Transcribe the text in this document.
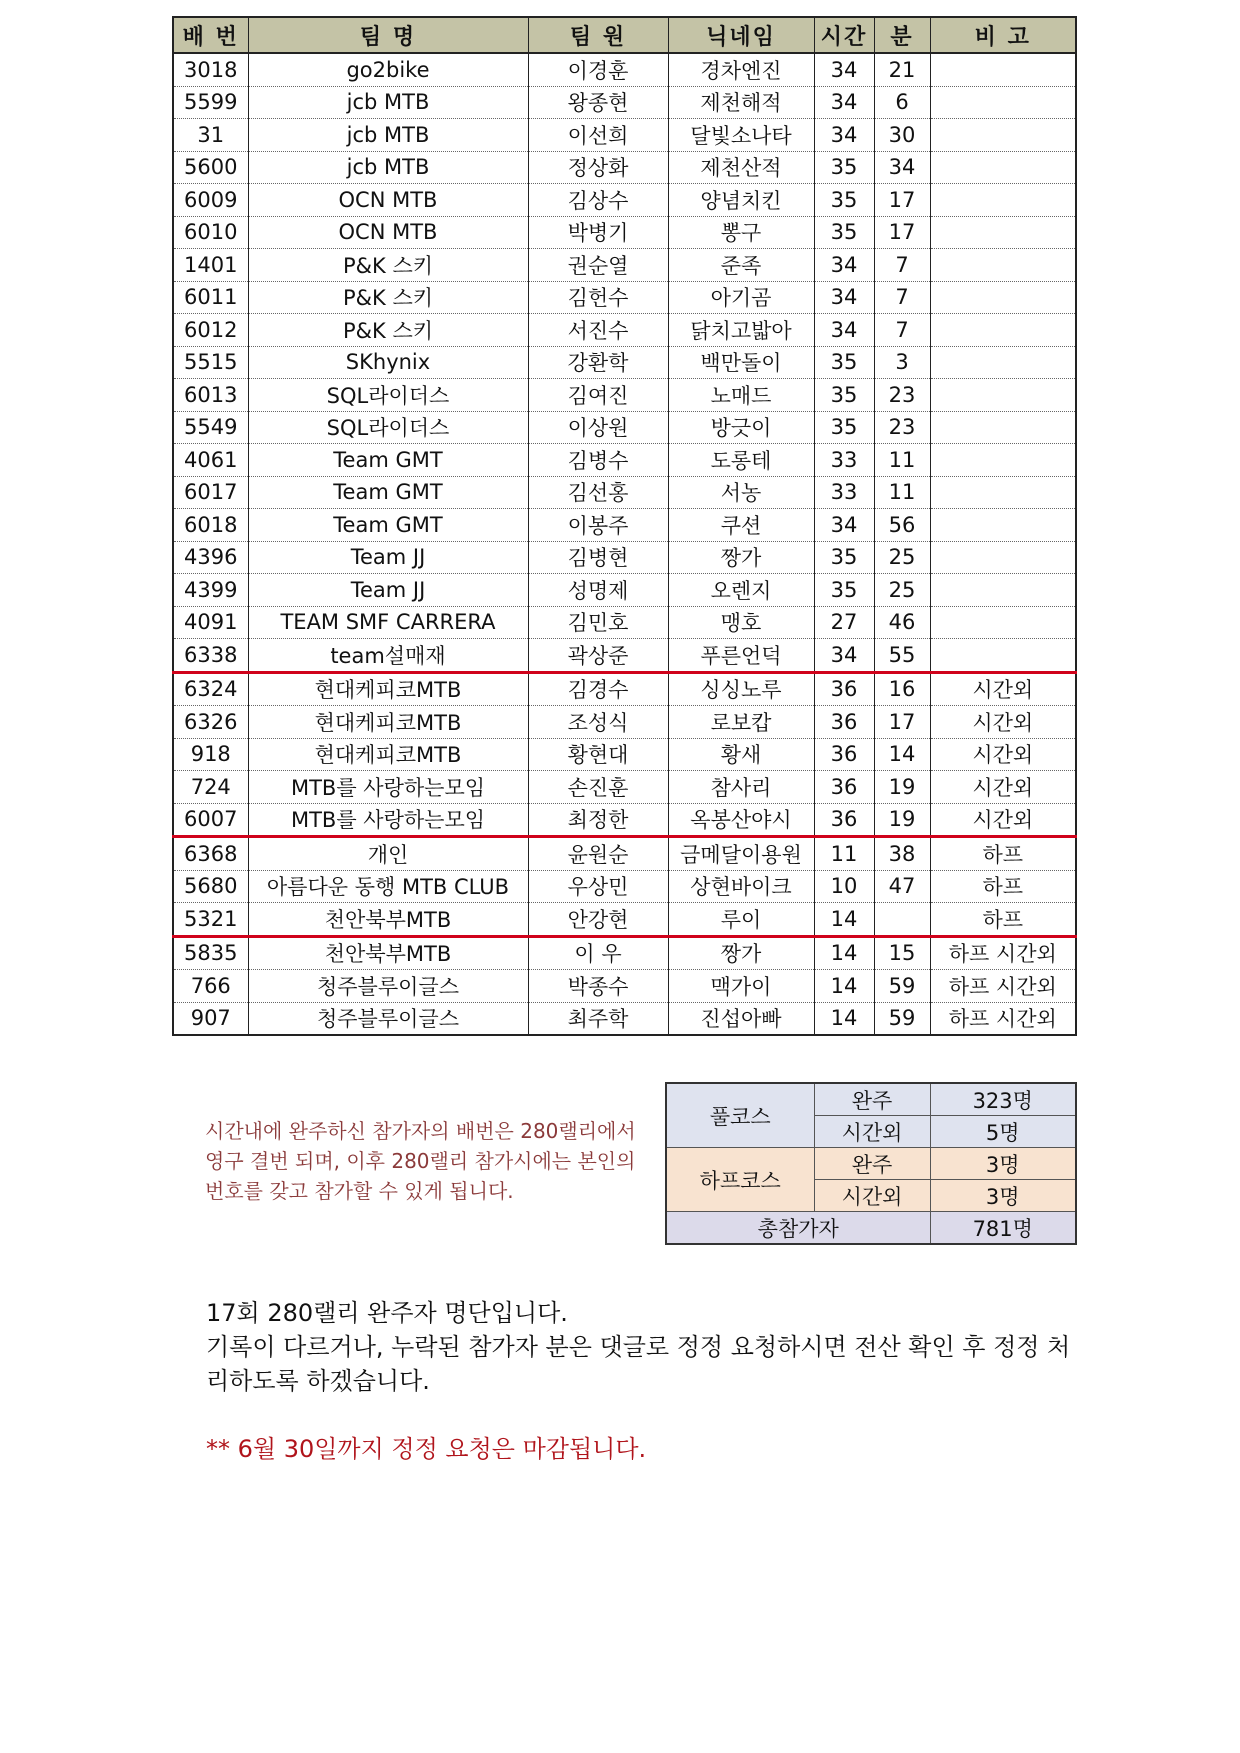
배 번	팀 명	팀 원	닉네임	시간	분	비 고
3018	go2bike	이경훈	경차엔진	34	21	
5599	jcb MTB	왕종현	제천해적	34	6	
31	jcb MTB	이선희	달빛소나타	34	30	
5600	jcb MTB	정상화	제천산적	35	34	
6009	OCN MTB	김상수	양념치킨	35	17	
6010	OCN MTB	박병기	뽕구	35	17	
1401	P&K 스키	권순열	준족	34	7	
6011	P&K 스키	김헌수	아기곰	34	7	
6012	P&K 스키	서진수	닭치고밟아	34	7	
5515	SKhynix	강환학	백만돌이	35	3	
6013	SQL라이더스	김여진	노매드	35	23	
5549	SQL라이더스	이상원	방긋이	35	23	
4061	Team GMT	김병수	도롱테	33	11	
6017	Team GMT	김선홍	서농	33	11	
6018	Team GMT	이봉주	쿠션	34	56	
4396	Team JJ	김병현	짱가	35	25	
4399	Team JJ	성명제	오렌지	35	25	
4091	TEAM SMF CARRERA	김민호	맹호	27	46	
6338	team설매재	곽상준	푸른언덕	34	55	
6324	현대케피코MTB	김경수	싱싱노루	36	16	시간외
6326	현대케피코MTB	조성식	로보캅	36	17	시간외
918	현대케피코MTB	황현대	황새	36	14	시간외
724	MTB를 사랑하는모임	손진훈	참사리	36	19	시간외
6007	MTB를 사랑하는모임	최정한	옥봉산야시	36	19	시간외
6368	개인	윤원순	금메달이용원	11	38	하프
5680	아름다운 동행 MTB CLUB	우상민	상현바이크	10	47	하프
5321	천안북부MTB	안강현	루이	14		하프
5835	천안북부MTB	이 우	짱가	14	15	하프 시간외
766	청주블루이글스	박종수	맥가이	14	59	하프 시간외
907	청주블루이글스	최주학	진섭아빠	14	59	하프 시간외

시간내에 완주하신 참가자의 배번은 280랠리에서 영구 결번 되며, 이후 280랠리 참가시에는 본인의 번호를 갖고 참가할 수 있게 됩니다.

풀코스	완주	323명
	시간외	5명
하프코스	완주	3명
	시간외	3명
총참가자		781명

17회 280랠리 완주자 명단입니다.

기록이 다르거나, 누락된 참가자 분은 댓글로 정정 요청하시면 전산 확인 후 정정 처리하도록 하겠습니다.

** 6월 30일까지 정정 요청은 마감됩니다.
